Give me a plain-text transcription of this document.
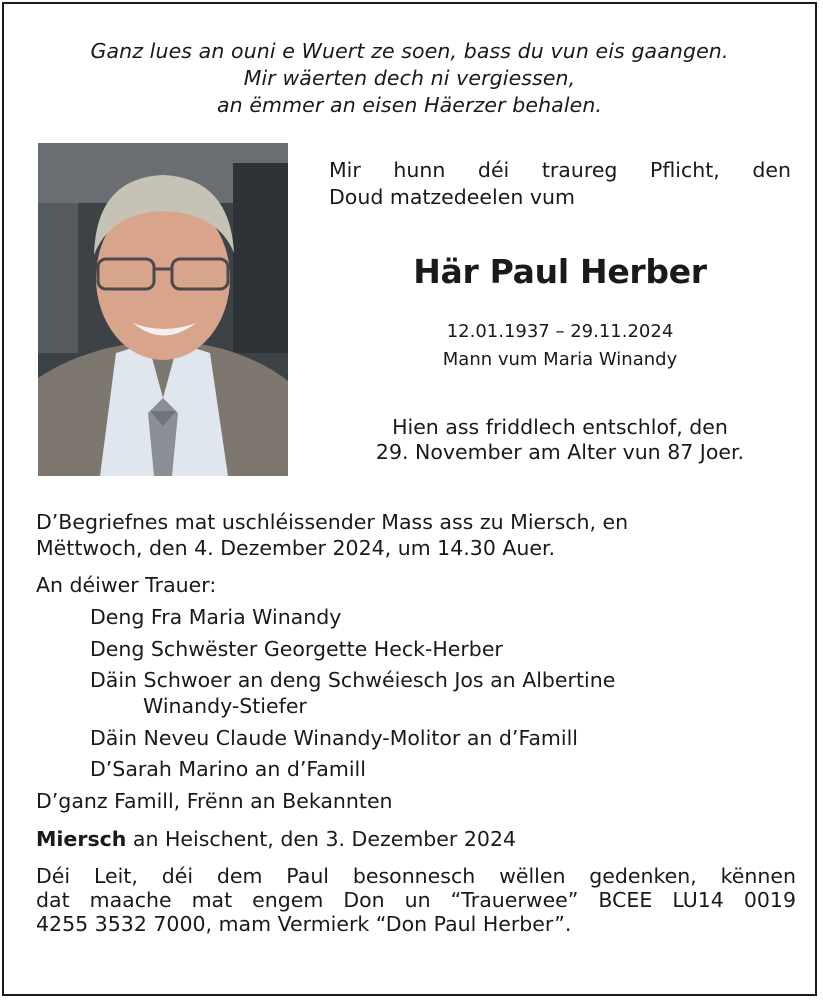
Ganz lues an ouni e Wuert ze soen, bass du vun eis gaangen.
Mir wäerten dech ni vergiessen,
an ëmmer an eisen Häerzer behalen.
Mir hunn déi traureg Pflicht, den
Doud matzedeelen vum
Här Paul Herber
12.01.1937 – 29.11.2024
Mann vum Maria Winandy
Hien ass friddlech entschlof, den
29. November am Alter vun 87 Joer.
D’Begriefnes mat uschléissender Mass ass zu Miersch, en
Mëttwoch, den 4. Dezember 2024, um 14.30 Auer.
An déiwer Trauer:
Deng Fra Maria Winandy
Deng Schwëster Georgette Heck-Herber
Däin Schwoer an deng Schwéiesch Jos an Albertine
Winandy-Stiefer
Däin Neveu Claude Winandy-Molitor an d’Famill
D’Sarah Marino an d’Famill
D’ganz Famill, Frënn an Bekannten
Miersch an Heischent, den 3. Dezember 2024
Déi Leit, déi dem Paul besonnesch wëllen gedenken, kënnen
dat maache mat engem Don un “Trauerwee” BCEE LU14 0019
4255 3532 7000, mam Vermierk “Don Paul Herber”.
